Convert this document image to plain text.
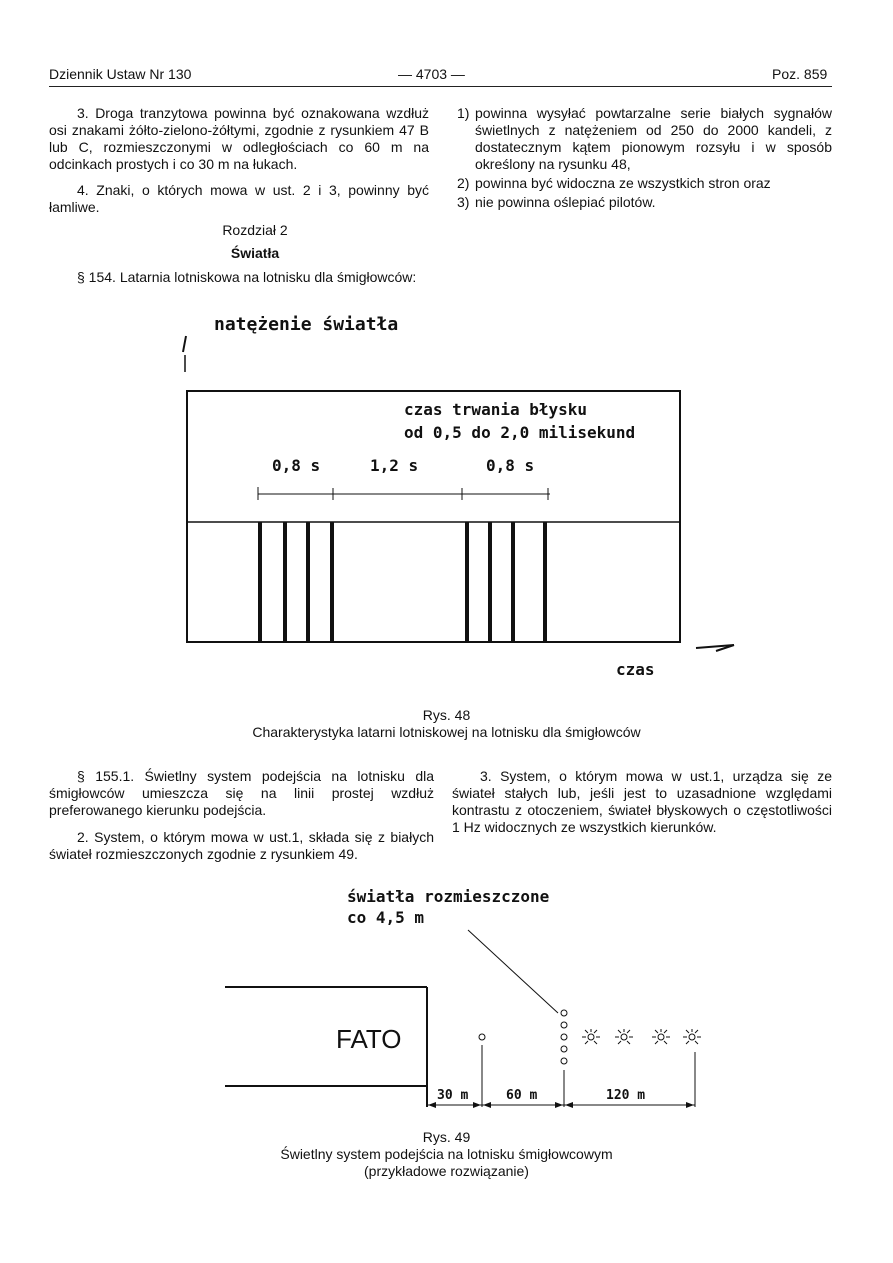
Dziennik Ustaw Nr 130	— 4703 —	Poz. 859

3. Droga tranzytowa powinna być oznakowana wzdłuż osi znakami żółto-zielono-żółtymi, zgodnie z rysunkiem 47 B lub C, rozmieszczonymi w odległościach co 60 m na odcinkach prostych i co 30 m na łukach.

4. Znaki, o których mowa w ust. 2 i 3, powinny być łamliwe.

Rozdział 2
Światła

§ 154. Latarnia lotniskowa na lotnisku dla śmigłowców:

1) powinna wysyłać powtarzalne serie białych sygnałów świetlnych z natężeniem od 250 do 2000 kandeli, z dostatecznym kątem pionowym rozsyłu i w sposób określony na rysunku 48,
2) powinna być widoczna ze wszystkich stron oraz
3) nie powinna oślepiać pilotów.
natężenie światła
czas trwania błysku
od 0,5 do 2,0 milisekund
0,8 s	1,2 s	0,8 s
czas
Rys. 48
Charakterystyka latarni lotniskowej na lotnisku dla śmigłowców

§ 155.1. Świetlny system podejścia na lotnisku dla śmigłowców umieszcza się na linii prostej wzdłuż preferowanego kierunku podejścia.

2. System, o którym mowa w ust.1, składa się z białych świateł rozmieszczonych zgodnie z rysunkiem 49.

3. System, o którym mowa w ust.1, urządza się ze świateł stałych lub, jeśli jest to uzasadnione względami kontrastu z otoczeniem, świateł błyskowych o częstotliwości 1 Hz widocznych ze wszystkich kierunków.

światła rozmieszczone
co 4,5 m
FATO
30 m	60 m	120 m
Rys. 49
Świetlny system podejścia na lotnisku śmigłowcowym
(przykładowe rozwiązanie)
